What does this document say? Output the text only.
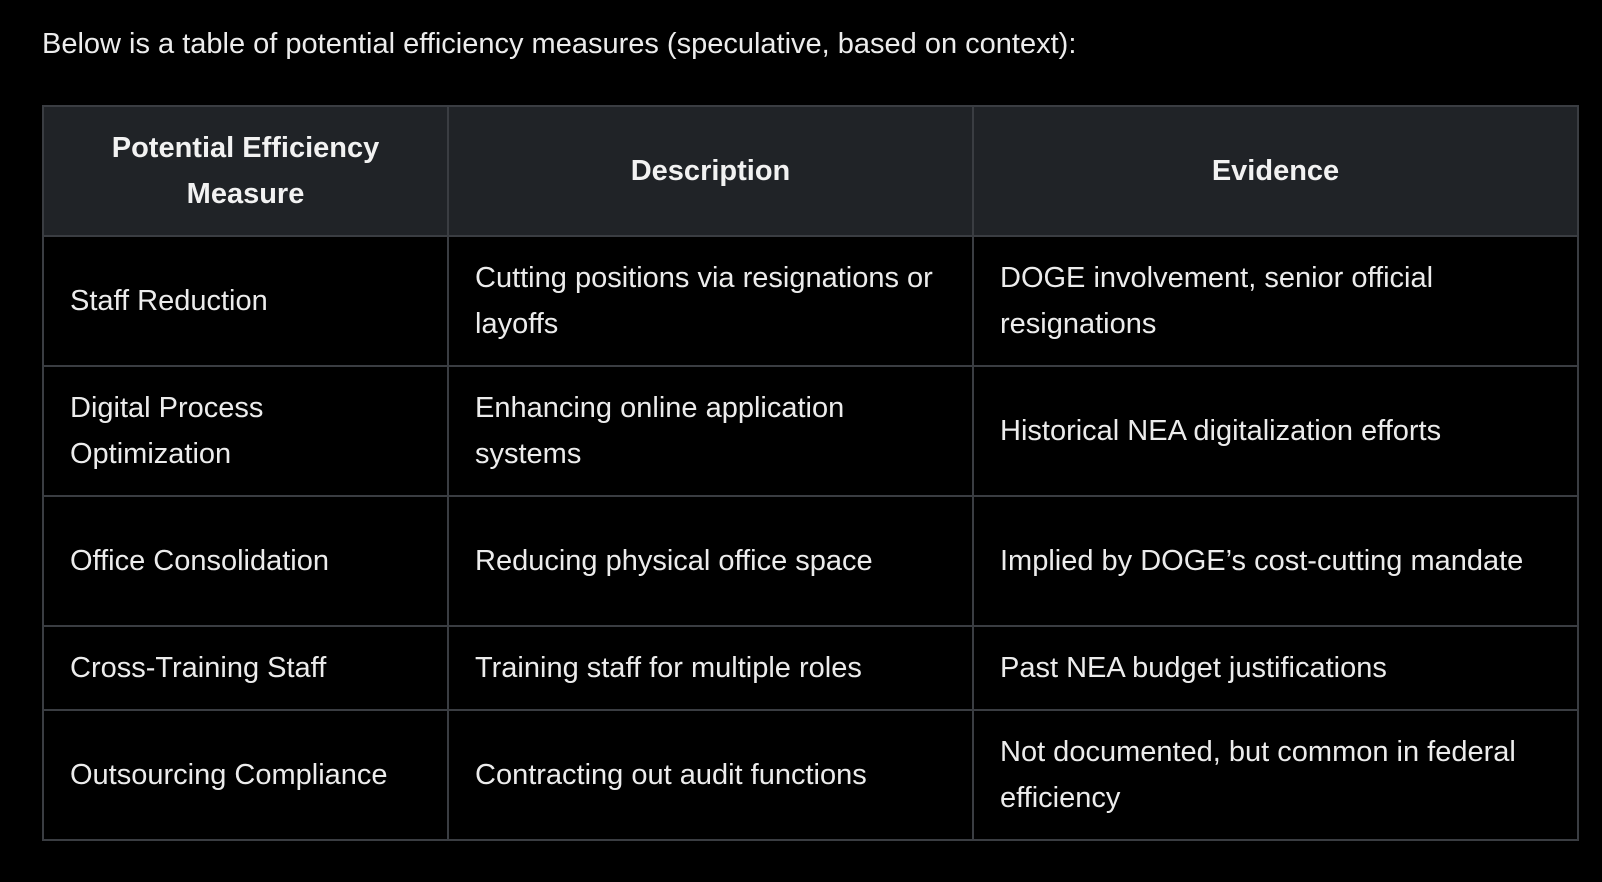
Below is a table of potential efficiency measures (speculative, based on context):
Potential Efficiency Measure	Description	Evidence
Staff Reduction	Cutting positions via resignations or layoffs	DOGE involvement, senior official resignations
Digital Process Optimization	Enhancing online application systems	Historical NEA digitalization efforts
Office Consolidation	Reducing physical office space	Implied by DOGE’s cost-cutting mandate
Cross-Training Staff	Training staff for multiple roles	Past NEA budget justifications
Outsourcing Compliance	Contracting out audit functions	Not documented, but common in federal efficiency
